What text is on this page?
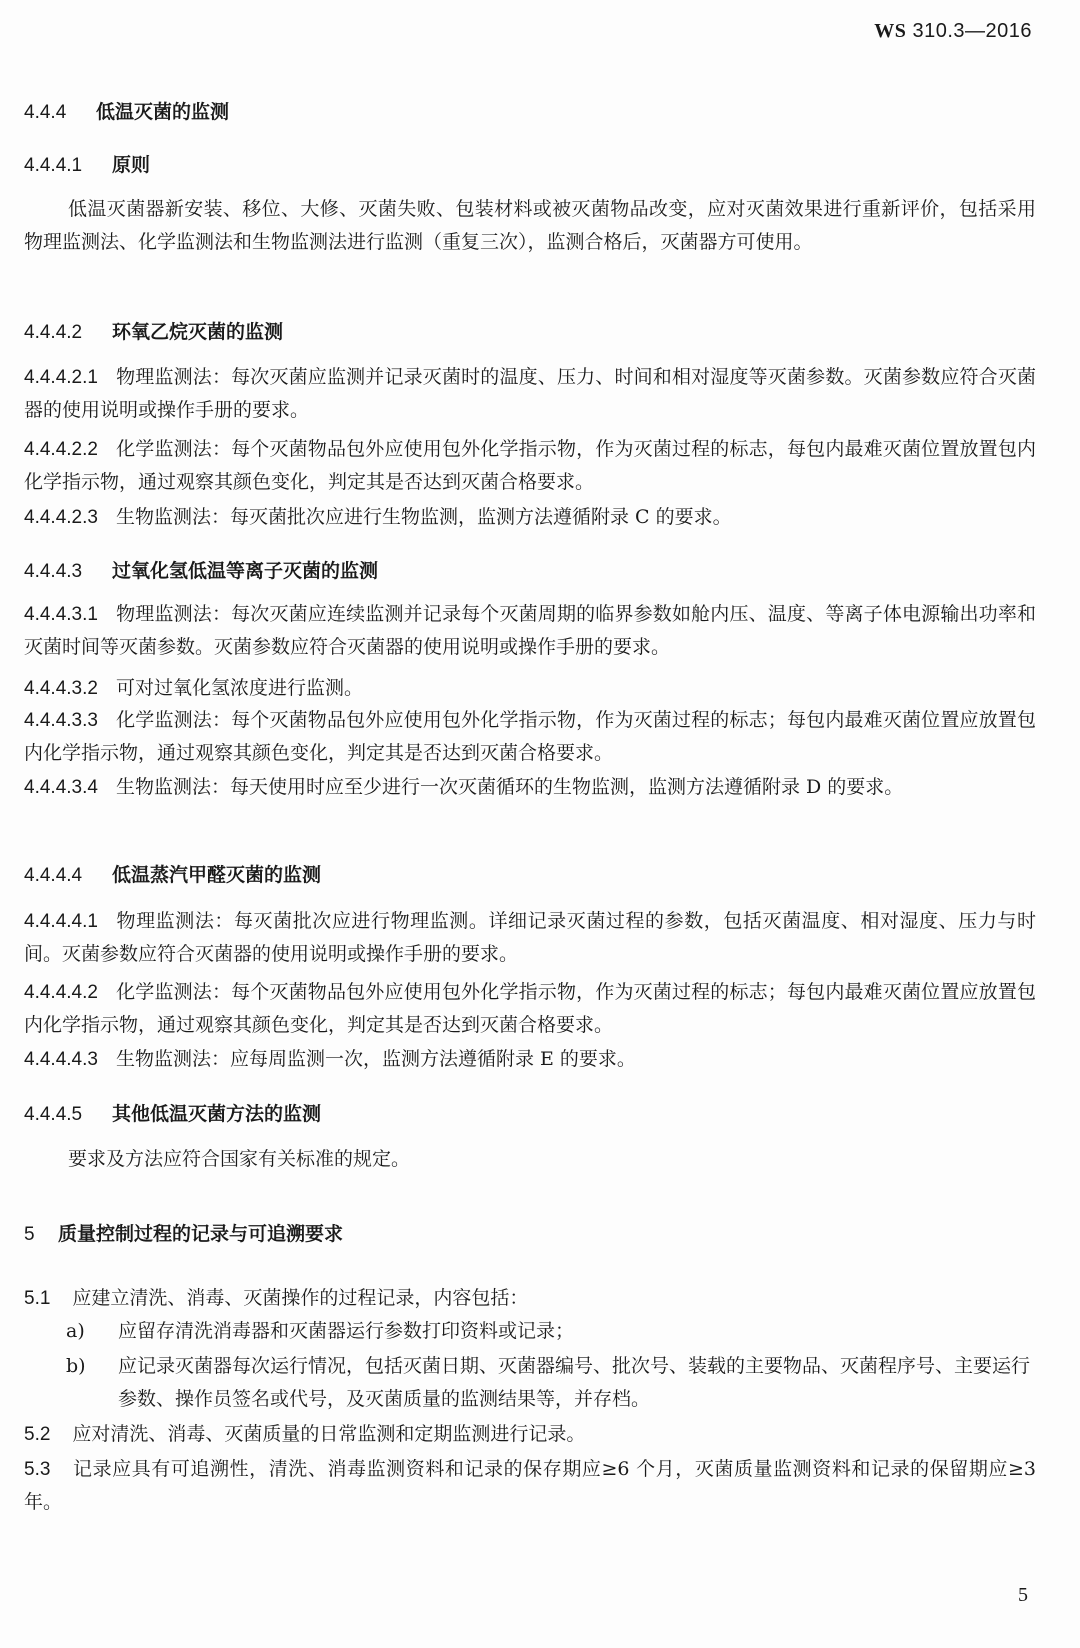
WS 310.3—2016
4.4.4 低温灭菌的监测
4.4.4.1 原则
低温灭菌器新安装、移位、大修、灭菌失败、包装材料或被灭菌物品改变，应对灭菌效果进行重新评价，包括采用物理监测法、化学监测法和生物监测法进行监测（重复三次），监测合格后，灭菌器方可使用。
4.4.4.2 环氧乙烷灭菌的监测
4.4.4.2.1 物理监测法：每次灭菌应监测并记录灭菌时的温度、压力、时间和相对湿度等灭菌参数。灭菌参数应符合灭菌器的使用说明或操作手册的要求。
4.4.4.2.2 化学监测法：每个灭菌物品包外应使用包外化学指示物，作为灭菌过程的标志，每包内最难灭菌位置放置包内化学指示物，通过观察其颜色变化，判定其是否达到灭菌合格要求。
4.4.4.2.3 生物监测法：每灭菌批次应进行生物监测，监测方法遵循附录 C 的要求。
4.4.4.3 过氧化氢低温等离子灭菌的监测
4.4.4.3.1 物理监测法：每次灭菌应连续监测并记录每个灭菌周期的临界参数如舱内压、温度、等离子体电源输出功率和灭菌时间等灭菌参数。灭菌参数应符合灭菌器的使用说明或操作手册的要求。
4.4.4.3.2 可对过氧化氢浓度进行监测。
4.4.4.3.3 化学监测法：每个灭菌物品包外应使用包外化学指示物，作为灭菌过程的标志；每包内最难灭菌位置应放置包内化学指示物，通过观察其颜色变化，判定其是否达到灭菌合格要求。
4.4.4.3.4 生物监测法：每天使用时应至少进行一次灭菌循环的生物监测，监测方法遵循附录 D 的要求。
4.4.4.4 低温蒸汽甲醛灭菌的监测
4.4.4.4.1 物理监测法：每灭菌批次应进行物理监测。详细记录灭菌过程的参数，包括灭菌温度、相对湿度、压力与时间。灭菌参数应符合灭菌器的使用说明或操作手册的要求。
4.4.4.4.2 化学监测法：每个灭菌物品包外应使用包外化学指示物，作为灭菌过程的标志；每包内最难灭菌位置应放置包内化学指示物，通过观察其颜色变化，判定其是否达到灭菌合格要求。
4.4.4.4.3 生物监测法：应每周监测一次，监测方法遵循附录 E 的要求。
4.4.4.5 其他低温灭菌方法的监测
要求及方法应符合国家有关标准的规定。
5 质量控制过程的记录与可追溯要求
5.1 应建立清洗、消毒、灭菌操作的过程记录，内容包括：
a) 应留存清洗消毒器和灭菌器运行参数打印资料或记录；
b) 应记录灭菌器每次运行情况，包括灭菌日期、灭菌器编号、批次号、装载的主要物品、灭菌程序号、主要运行参数、操作员签名或代号，及灭菌质量的监测结果等，并存档。
5.2 应对清洗、消毒、灭菌质量的日常监测和定期监测进行记录。
5.3 记录应具有可追溯性，清洗、消毒监测资料和记录的保存期应≥6 个月，灭菌质量监测资料和记录的保留期应≥3 年。
5
